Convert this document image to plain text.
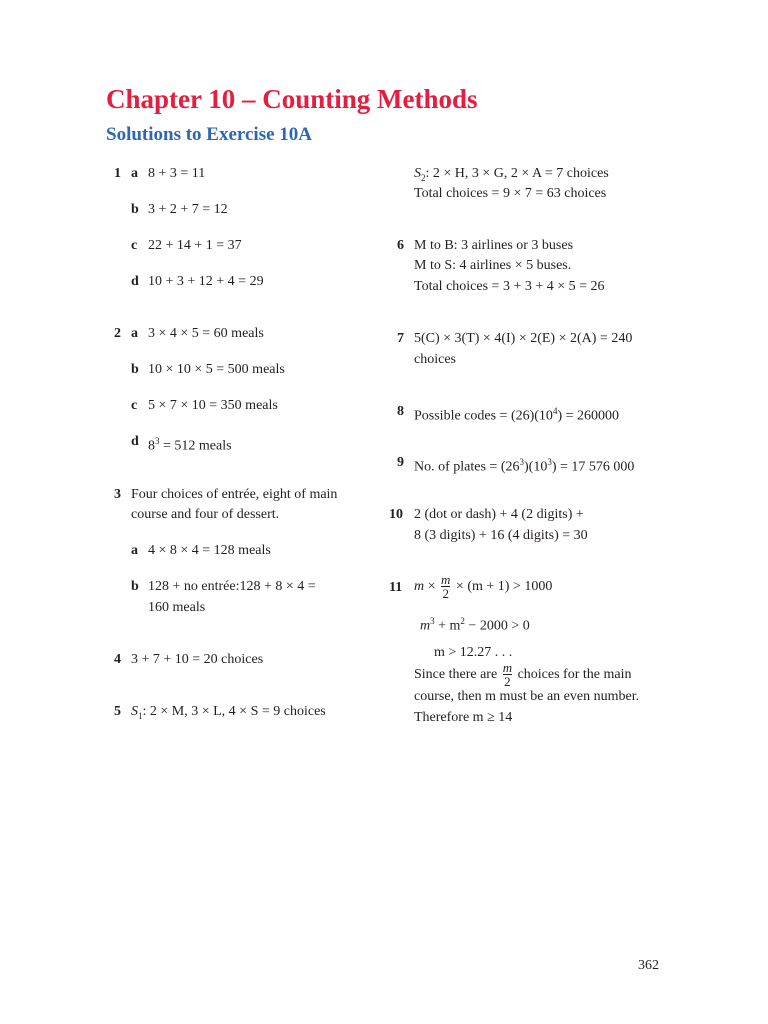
Chapter 10 – Counting Methods
Solutions to Exercise 10A
1 a 8 + 3 = 11
b 3 + 2 + 7 = 12
c 22 + 14 + 1 = 37
d 10 + 3 + 12 + 4 = 29
2 a 3 × 4 × 5 = 60 meals
b 10 × 10 × 5 = 500 meals
c 5 × 7 × 10 = 350 meals
d $8^3 = 512$ meals
3 Four choices of entrée, eight of main
course and four of dessert.
a 4 × 8 × 4 = 128 meals
b 128 + no entrée:128 + 8 × 4 =
160 meals
4 3 + 7 + 10 = 20 choices
5 $S_1$: 2 × M, 3 × L, 4 × S = 9 choices
$S_2$: 2 × H, 3 × G, 2 × A = 7 choices
Total choices = 9 × 7 = 63 choices
6 M to B: 3 airlines or 3 buses
M to S: 4 airlines × 5 buses.
Total choices = 3 + 3 + 4 × 5 = 26
7 5(C) × 3(T) × 4(I) × 2(E) × 2(A) = 240
choices
8 Possible codes = $(26)(10^4) = 260000$
9 No. of plates = $(26^3)(10^3) = 17$ 576 000
10 2 (dot or dash) + 4 (2 digits) +
8 (3 digits) + 16 (4 digits) = 30
11 $m \times \frac{m}{2} \times (m + 1) > 1000$
$m^3 + m^2 - 2000 > 0$
m > 12.27 . . .
Since there are $\frac{m}{2}$ choices for the main
course, then m must be an even number.
Therefore m ≥ 14
362
